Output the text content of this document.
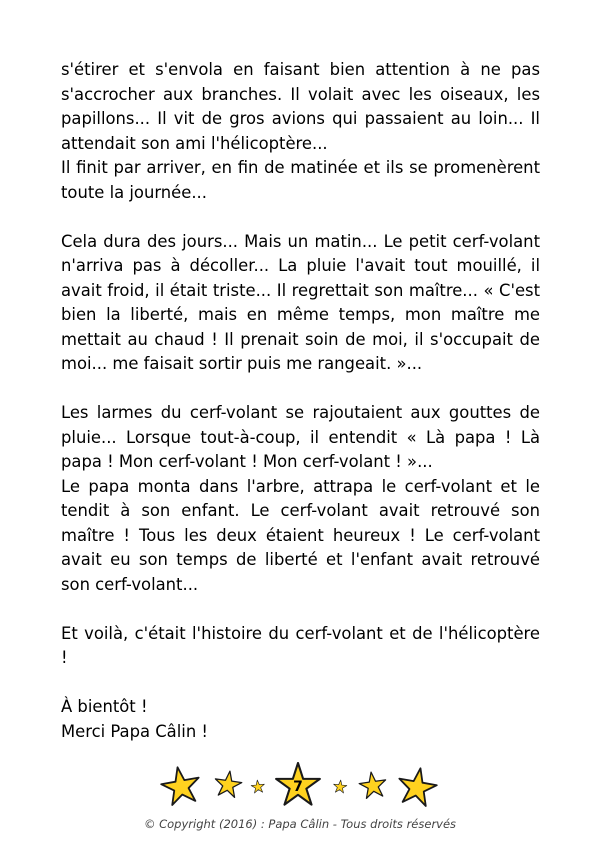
s'étirer et s'envola en faisant bien attention à ne pas s'accrocher aux branches. Il volait avec les oiseaux, les papillons... Il vit de gros avions qui passaient au loin... Il attendait son ami l'hélicoptère...

Il finit par arriver, en fin de matinée et ils se promenèrent toute la journée...

Cela dura des jours... Mais un matin... Le petit cerf-volant n'arriva pas à décoller... La pluie l'avait tout mouillé, il avait froid, il était triste... Il regrettait son maître... « C'est bien la liberté, mais en même temps, mon maître me mettait au chaud ! Il prenait soin de moi, il s'occupait de moi... me faisait sortir puis me rangeait. »...

Les larmes du cerf-volant se rajoutaient aux gouttes de pluie... Lorsque tout-à-coup, il entendit « Là papa ! Là papa ! Mon cerf-volant ! Mon cerf-volant ! »...

Le papa monta dans l'arbre, attrapa le cerf-volant et le tendit à son enfant. Le cerf-volant avait retrouvé son maître ! Tous les deux étaient heureux ! Le cerf-volant avait eu son temps de liberté et l'enfant avait retrouvé son cerf-volant...

Et voilà, c'était l'histoire du cerf-volant et de l'hélicoptère !

À bientôt !

Merci Papa Câlin !

7
© Copyright (2016) : Papa Câlin - Tous droits réservés
